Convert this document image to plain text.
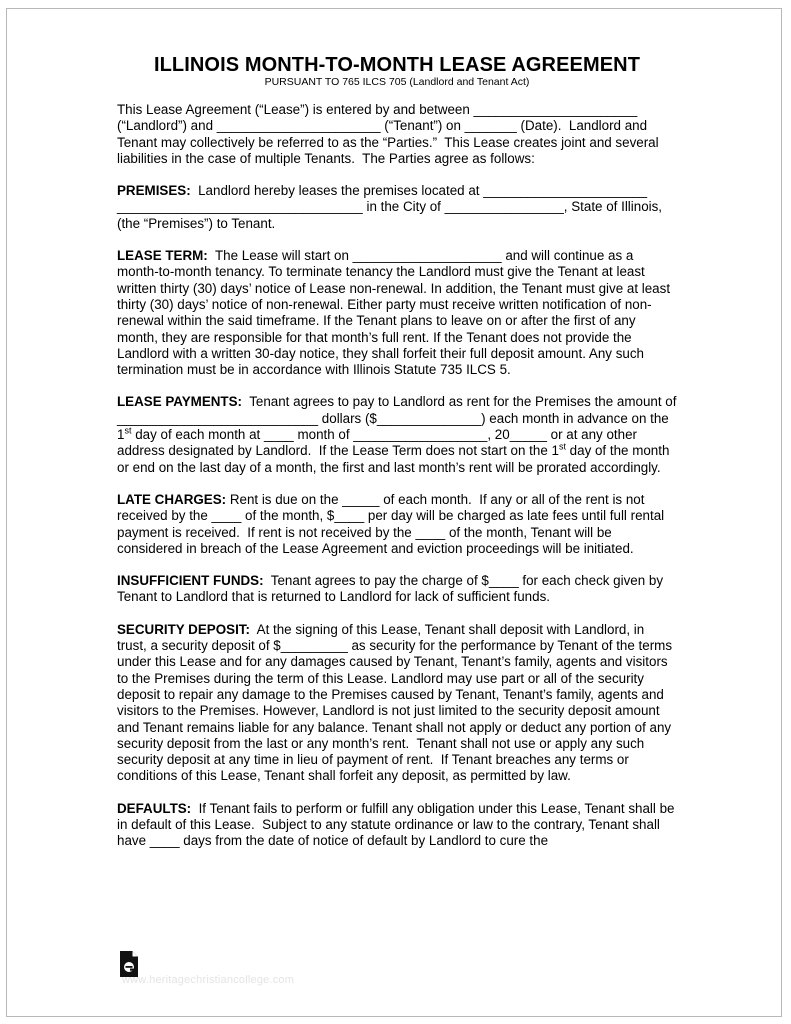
ILLINOIS MONTH-TO-MONTH LEASE AGREEMENT

PURSUANT TO 765 ILCS 705 (Landlord and Tenant Act)

This Lease Agreement (“Lease”) is entered by and between ______________________ (“Landlord”) and ______________________ (“Tenant”) on _______ (Date).  Landlord and Tenant may collectively be referred to as the “Parties.”  This Lease creates joint and several liabilities in the case of multiple Tenants.  The Parties agree as follows:

PREMISES:  Landlord hereby leases the premises located at ______________________ _________________________________ in the City of ________________, State of Illinois, (the “Premises”) to Tenant.

LEASE TERM:  The Lease will start on ____________________ and will continue as a month-to-month tenancy. To terminate tenancy the Landlord must give the Tenant at least written thirty (30) days’ notice of Lease non-renewal. In addition, the Tenant must give at least thirty (30) days’ notice of non-renewal. Either party must receive written notification of non-renewal within the said timeframe. If the Tenant plans to leave on or after the first of any month, they are responsible for that month’s full rent. If the Tenant does not provide the Landlord with a written 30-day notice, they shall forfeit their full deposit amount. Any such termination must be in accordance with Illinois Statute 735 ILCS 5.

LEASE PAYMENTS:  Tenant agrees to pay to Landlord as rent for the Premises the amount of ___________________________ dollars ($______________) each month in advance on the 1st day of each month at ____ month of __________________, 20_____ or at any other address designated by Landlord.  If the Lease Term does not start on the 1st day of the month or end on the last day of a month, the first and last month’s rent will be prorated accordingly.

LATE CHARGES: Rent is due on the _____ of each month.  If any or all of the rent is not received by the ____ of the month, $____ per day will be charged as late fees until full rental payment is received.  If rent is not received by the ____ of the month, Tenant will be considered in breach of the Lease Agreement and eviction proceedings will be initiated.

INSUFFICIENT FUNDS:  Tenant agrees to pay the charge of $____ for each check given by Tenant to Landlord that is returned to Landlord for lack of sufficient funds.

SECURITY DEPOSIT:  At the signing of this Lease, Tenant shall deposit with Landlord, in trust, a security deposit of $_________ as security for the performance by Tenant of the terms under this Lease and for any damages caused by Tenant, Tenant’s family, agents and visitors to the Premises during the term of this Lease. Landlord may use part or all of the security deposit to repair any damage to the Premises caused by Tenant, Tenant’s family, agents and visitors to the Premises. However, Landlord is not just limited to the security deposit amount and Tenant remains liable for any balance. Tenant shall not apply or deduct any portion of any security deposit from the last or any month’s rent.  Tenant shall not use or apply any such security deposit at any time in lieu of payment of rent.  If Tenant breaches any terms or conditions of this Lease, Tenant shall forfeit any deposit, as permitted by law.

DEFAULTS:  If Tenant fails to perform or fulfill any obligation under this Lease, Tenant shall be in default of this Lease.  Subject to any statute ordinance or law to the contrary, Tenant shall have ____ days from the date of notice of default by Landlord to cure the

www.heritagechristiancollege.com
